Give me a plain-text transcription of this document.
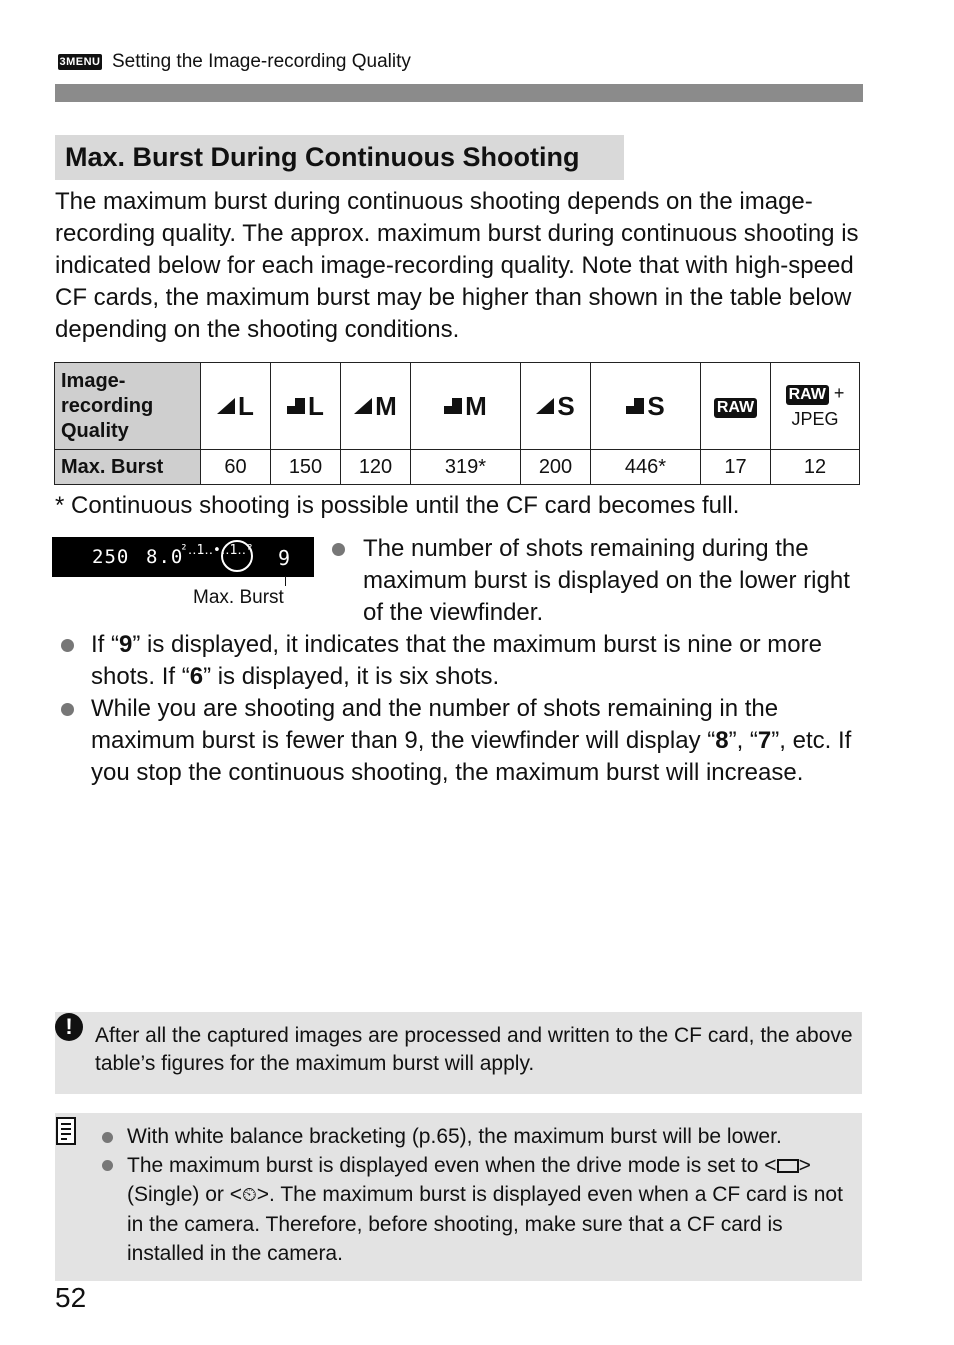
3MENU Setting the Image-recording Quality
Max. Burst During Continuous Shooting
The maximum burst during continuous shooting depends on the image-recording quality. The approx. maximum burst during continuous shooting is indicated below for each image-recording quality. Note that with high-speed CF cards, the maximum burst may be higher than shown in the table below depending on the shooting conditions.
Image-recording Quality	L	L	M	M	S	S	RAW	RAW +
JPEG

Max. Burst	60	150	120	319*	200	446*	17	12
* Continuous shooting is possible until the CF card becomes full.
250 8.0
²‥1‥•‥1‥² 9
Max. Burst
The number of shots remaining during the maximum burst is displayed on the lower right of the viewfinder.
If “9” is displayed, it indicates that the maximum burst is nine or more shots. If “6” is displayed, it is six shots.
While you are shooting and the number of shots remaining in the maximum burst is fewer than 9, the viewfinder will display “8”, “7”, etc. If you stop the continuous shooting, the maximum burst will increase.
!	After all the captured images are processed and written to the CF card, the above table’s figures for the maximum burst will apply.
With white balance bracketing (p.65), the maximum burst will be lower.
The maximum burst is displayed even when the drive mode is set to < > (Single) or <⏲>. The maximum burst is displayed even when a CF card is not in the camera. Therefore, before shooting, make sure that a CF card is installed in the camera.
52
